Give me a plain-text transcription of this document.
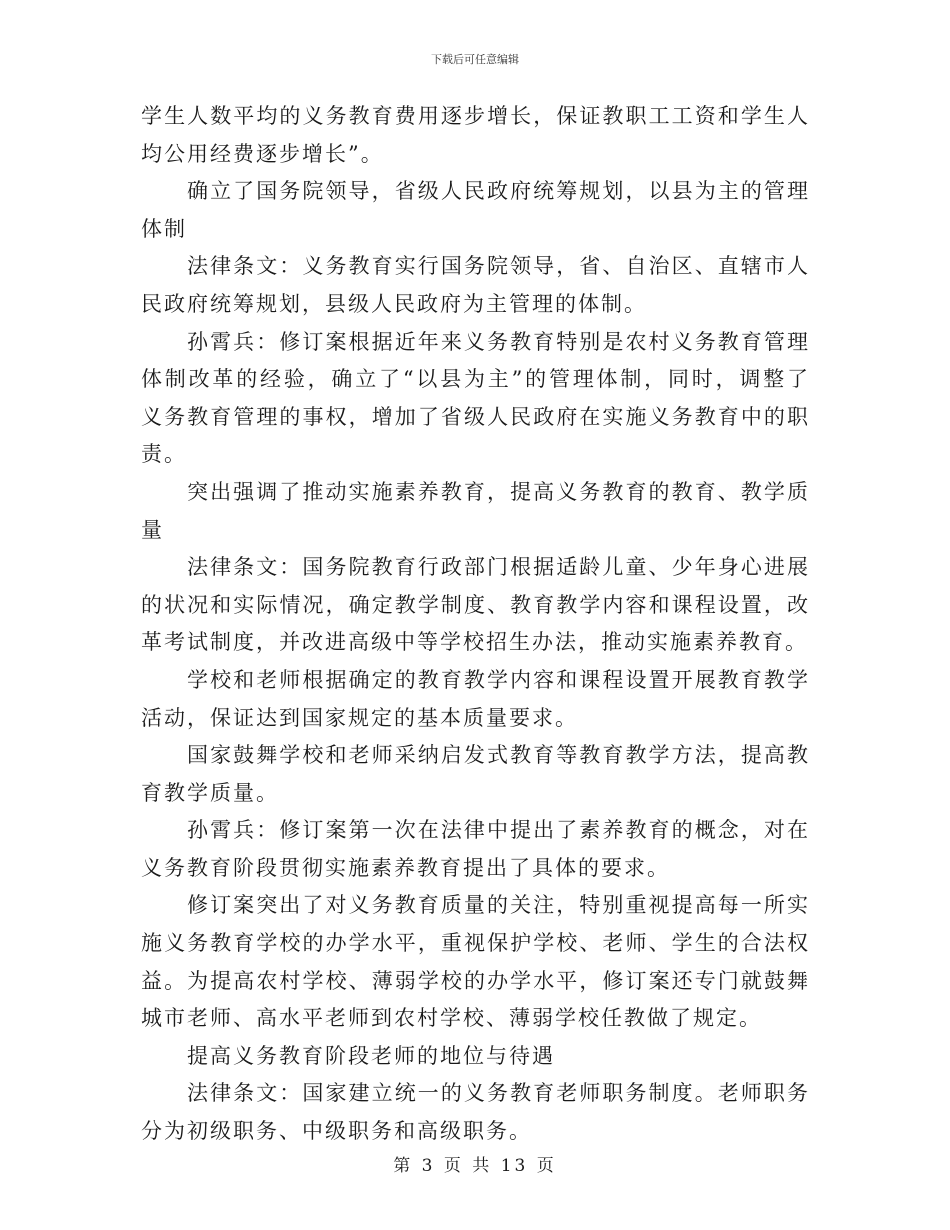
下载后可任意编辑

学生人数平均的义务教育费用逐步增长，保证教职工工资和学生人均公用经费逐步增长”。

确立了国务院领导，省级人民政府统筹规划，以县为主的管理体制

法律条文：义务教育实行国务院领导，省、自治区、直辖市人民政府统筹规划，县级人民政府为主管理的体制。

孙霄兵：修订案根据近年来义务教育特别是农村义务教育管理体制改革的经验，确立了“以县为主”的管理体制，同时，调整了义务教育管理的事权，增加了省级人民政府在实施义务教育中的职责。

突出强调了推动实施素养教育，提高义务教育的教育、教学质量

法律条文：国务院教育行政部门根据适龄儿童、少年身心进展的状况和实际情况，确定教学制度、教育教学内容和课程设置，改革考试制度，并改进高级中等学校招生办法，推动实施素养教育。

学校和老师根据确定的教育教学内容和课程设置开展教育教学活动，保证达到国家规定的基本质量要求。

国家鼓舞学校和老师采纳启发式教育等教育教学方法，提高教育教学质量。

孙霄兵：修订案第一次在法律中提出了素养教育的概念，对在义务教育阶段贯彻实施素养教育提出了具体的要求。

修订案突出了对义务教育质量的关注，特别重视提高每一所实施义务教育学校的办学水平，重视保护学校、老师、学生的合法权益。为提高农村学校、薄弱学校的办学水平，修订案还专门就鼓舞城市老师、高水平老师到农村学校、薄弱学校任教做了规定。

提高义务教育阶段老师的地位与待遇

法律条文：国家建立统一的义务教育老师职务制度。老师职务分为初级职务、中级职务和高级职务。

第 3 页 共 13 页
